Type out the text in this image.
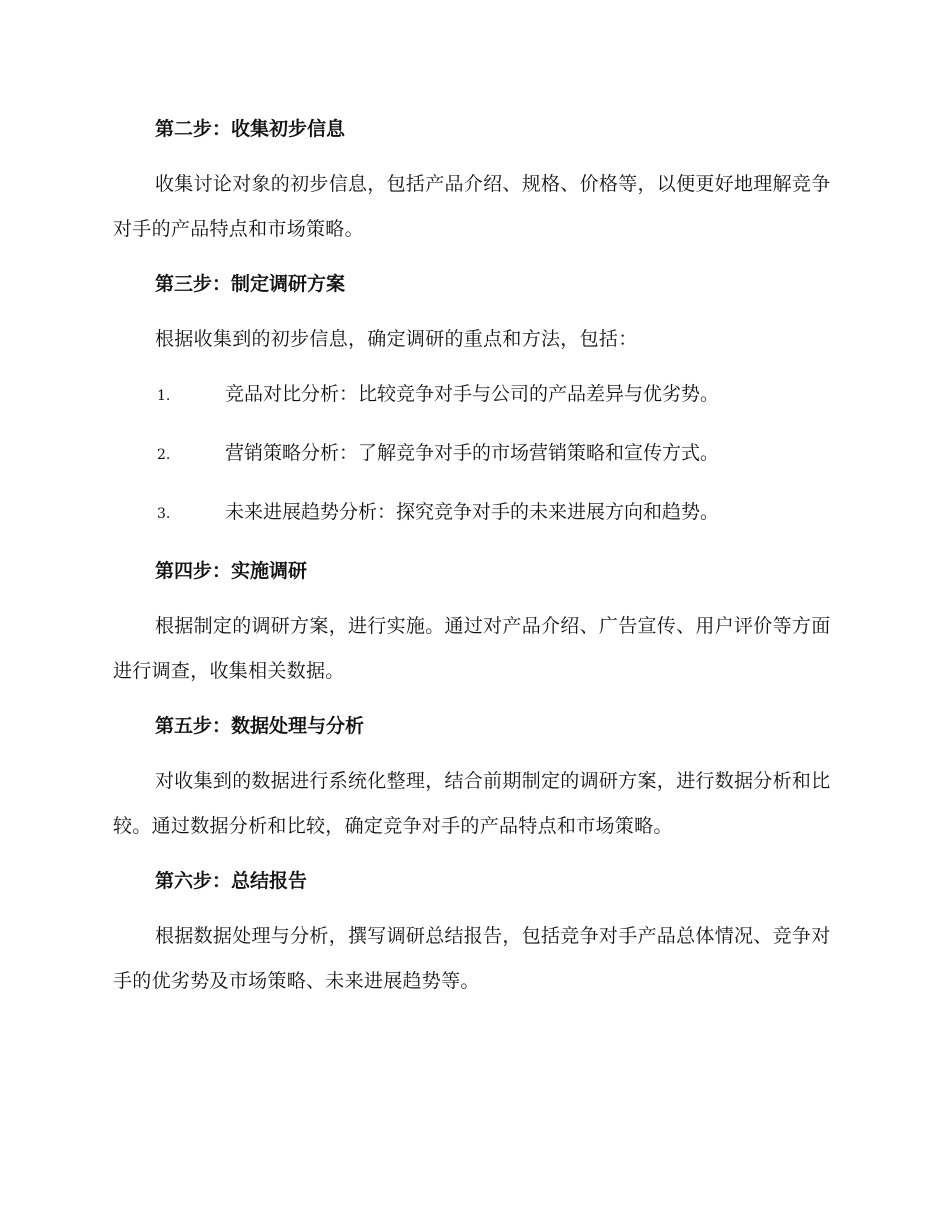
第二步：收集初步信息
收集讨论对象的初步信息，包括产品介绍、规格、价格等，以便更好地理解竞争对手的产品特点和市场策略。
第三步：制定调研方案
根据收集到的初步信息，确定调研的重点和方法，包括：
1.	竞品对比分析：比较竞争对手与公司的产品差异与优劣势。
2.	营销策略分析：了解竞争对手的市场营销策略和宣传方式。
3.	未来进展趋势分析：探究竞争对手的未来进展方向和趋势。
第四步：实施调研
根据制定的调研方案，进行实施。通过对产品介绍、广告宣传、用户评价等方面进行调查，收集相关数据。
第五步：数据处理与分析
对收集到的数据进行系统化整理，结合前期制定的调研方案，进行数据分析和比较。通过数据分析和比较，确定竞争对手的产品特点和市场策略。
第六步：总结报告
根据数据处理与分析，撰写调研总结报告，包括竞争对手产品总体情况、竞争对手的优劣势及市场策略、未来进展趋势等。
